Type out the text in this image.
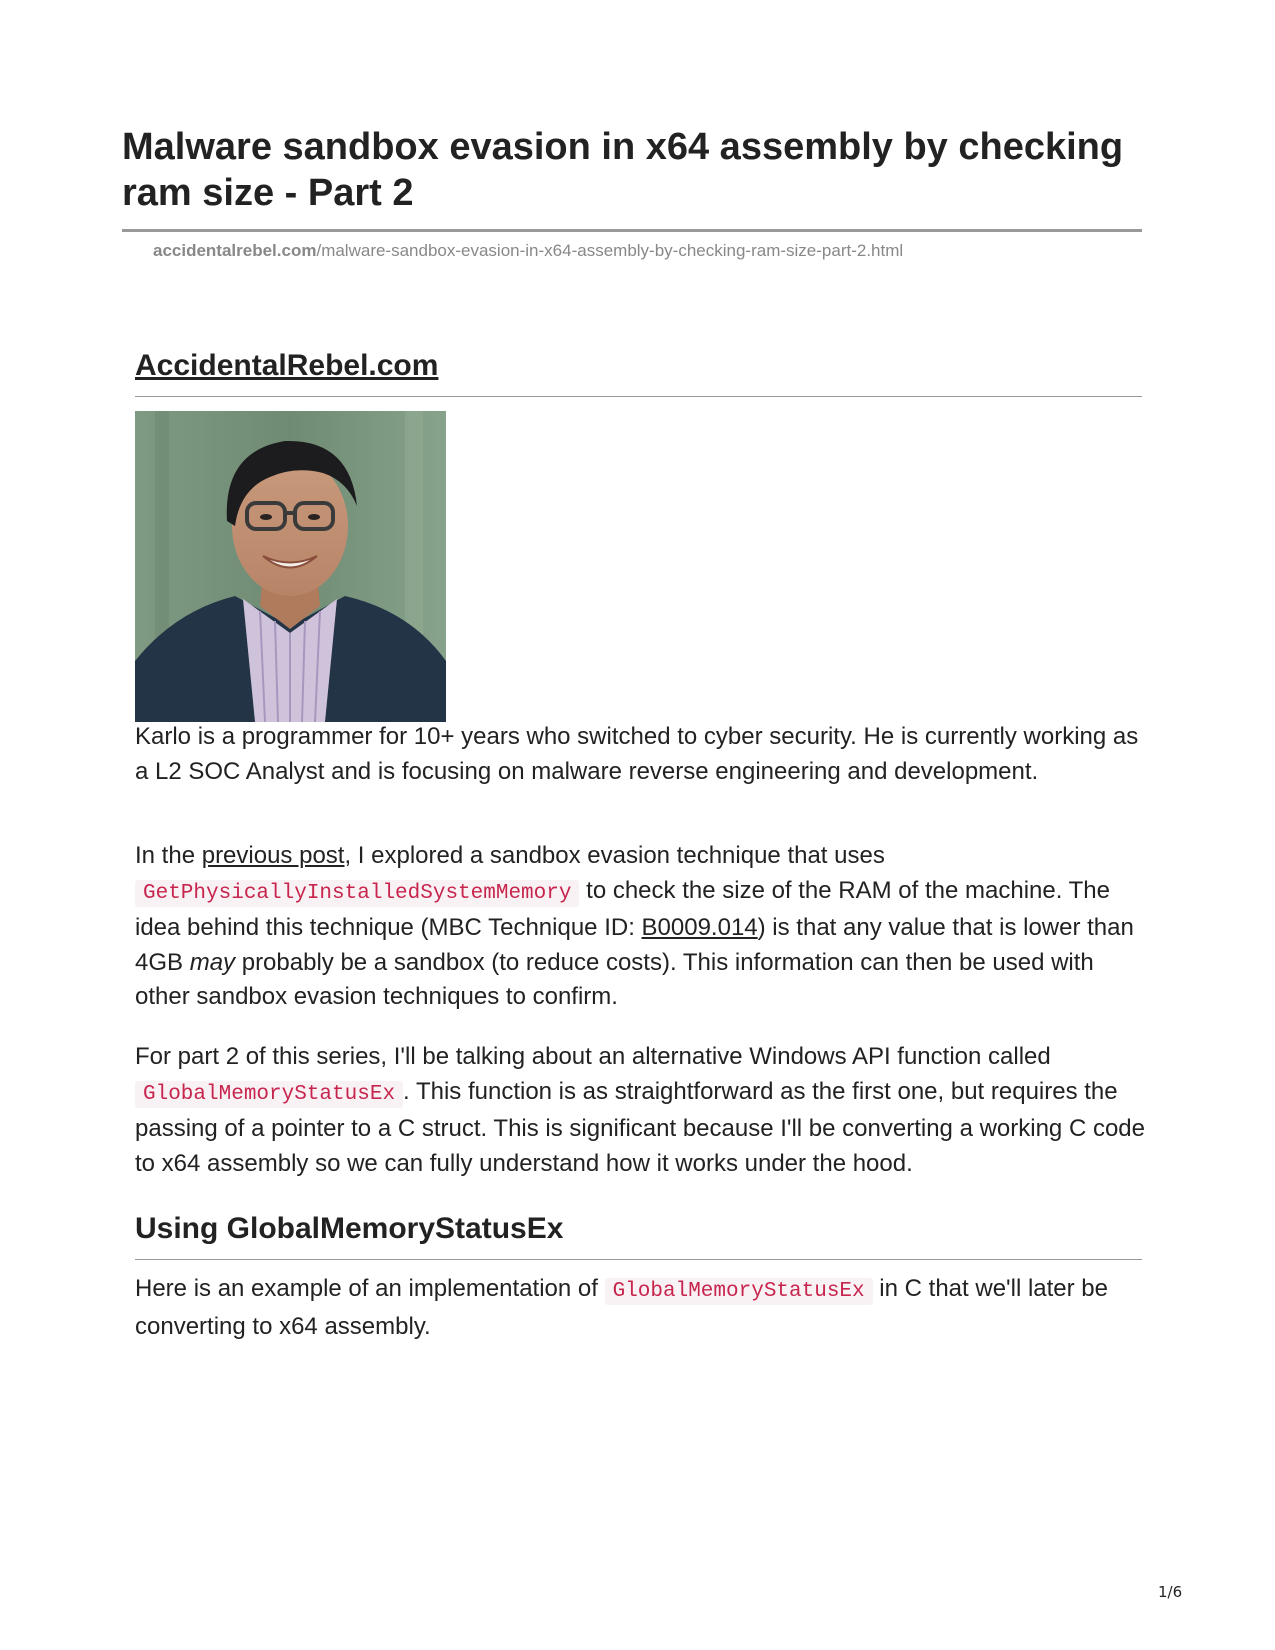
Malware sandbox evasion in x64 assembly by checking ram size - Part 2
accidentalrebel.com/malware-sandbox-evasion-in-x64-assembly-by-checking-ram-size-part-2.html
AccidentalRebel.com

Karlo is a programmer for 10+ years who switched to cyber security. He is currently working as a L2 SOC Analyst and is focusing on malware reverse engineering and development.

In the previous post, I explored a sandbox evasion technique that uses GetPhysicallyInstalledSystemMemory to check the size of the RAM of the machine. The idea behind this technique (MBC Technique ID: B0009.014) is that any value that is lower than 4GB may probably be a sandbox (to reduce costs). This information can then be used with other sandbox evasion techniques to confirm.

For part 2 of this series, I'll be talking about an alternative Windows API function called GlobalMemoryStatusEx . This function is as straightforward as the first one, but requires the passing of a pointer to a C struct. This is significant because I'll be converting a working C code to x64 assembly so we can fully understand how it works under the hood.

Using GlobalMemoryStatusEx

Here is an example of an implementation of GlobalMemoryStatusEx in C that we'll later be converting to x64 assembly.

1/6
